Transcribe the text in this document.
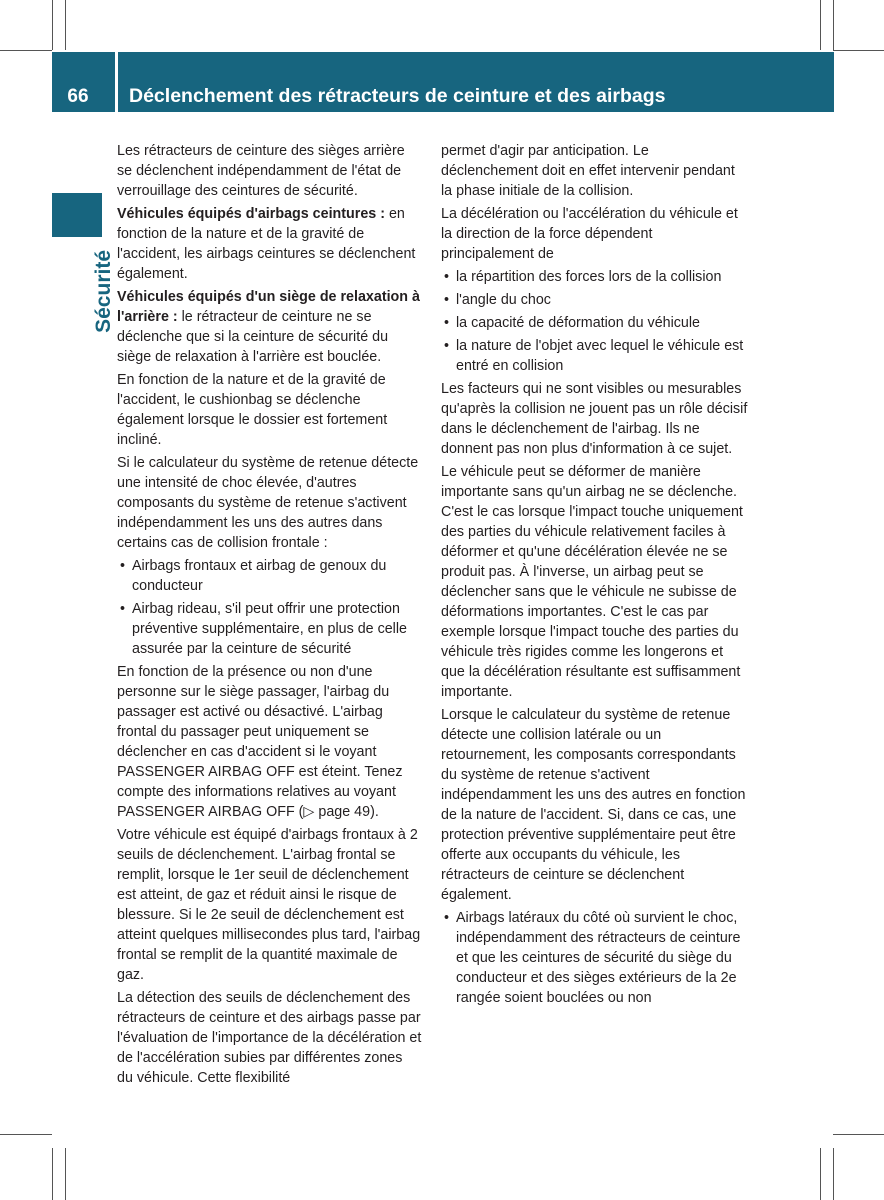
66	Déclenchement des rétracteurs de ceinture et des airbags
Sécurité

Les rétracteurs de ceinture des sièges arrière se déclenchent indépendamment de l'état de verrouillage des ceintures de sécurité.

Véhicules équipés d'airbags ceintures : en fonction de la nature et de la gravité de l'accident, les airbags ceintures se déclenchent également.

Véhicules équipés d'un siège de relaxation à l'arrière : le rétracteur de ceinture ne se déclenche que si la ceinture de sécurité du siège de relaxation à l'arrière est bouclée.

En fonction de la nature et de la gravité de l'accident, le cushionbag se déclenche également lorsque le dossier est fortement incliné.

Si le calculateur du système de retenue détecte une intensité de choc élevée, d'autres composants du système de retenue s'activent indépendamment les uns des autres dans certains cas de collision frontale :

• Airbags frontaux et airbag de genoux du conducteur
• Airbag rideau, s'il peut offrir une protection préventive supplémentaire, en plus de celle assurée par la ceinture de sécurité

En fonction de la présence ou non d'une personne sur le siège passager, l'airbag du passager est activé ou désactivé. L'airbag frontal du passager peut uniquement se déclencher en cas d'accident si le voyant PASSENGER AIRBAG OFF est éteint. Tenez compte des informations relatives au voyant PASSENGER AIRBAG OFF (▷ page 49).

Votre véhicule est équipé d'airbags frontaux à 2 seuils de déclenchement. L'airbag frontal se remplit, lorsque le 1er seuil de déclenchement est atteint, de gaz et réduit ainsi le risque de blessure. Si le 2e seuil de déclenchement est atteint quelques millisecondes plus tard, l'airbag frontal se remplit de la quantité maximale de gaz.

La détection des seuils de déclenchement des rétracteurs de ceinture et des airbags passe par l'évaluation de l'importance de la décélération et de l'accélération subies par différentes zones du véhicule. Cette flexibilité

permet d'agir par anticipation. Le déclenchement doit en effet intervenir pendant la phase initiale de la collision.

La décélération ou l'accélération du véhicule et la direction de la force dépendent principalement de

• la répartition des forces lors de la collision
• l'angle du choc
• la capacité de déformation du véhicule
• la nature de l'objet avec lequel le véhicule est entré en collision

Les facteurs qui ne sont visibles ou mesurables qu'après la collision ne jouent pas un rôle décisif dans le déclenchement de l'airbag. Ils ne donnent pas non plus d'information à ce sujet.

Le véhicule peut se déformer de manière importante sans qu'un airbag ne se déclenche. C'est le cas lorsque l'impact touche uniquement des parties du véhicule relativement faciles à déformer et qu'une décélération élevée ne se produit pas. À l'inverse, un airbag peut se déclencher sans que le véhicule ne subisse de déformations importantes. C'est le cas par exemple lorsque l'impact touche des parties du véhicule très rigides comme les longerons et que la décélération résultante est suffisamment importante.

Lorsque le calculateur du système de retenue détecte une collision latérale ou un retournement, les composants correspondants du système de retenue s'activent indépendamment les uns des autres en fonction de la nature de l'accident. Si, dans ce cas, une protection préventive supplémentaire peut être offerte aux occupants du véhicule, les rétracteurs de ceinture se déclenchent également.

• Airbags latéraux du côté où survient le choc, indépendamment des rétracteurs de ceinture et que les ceintures de sécurité du siège du conducteur et des sièges extérieurs de la 2e rangée soient bouclées ou non
